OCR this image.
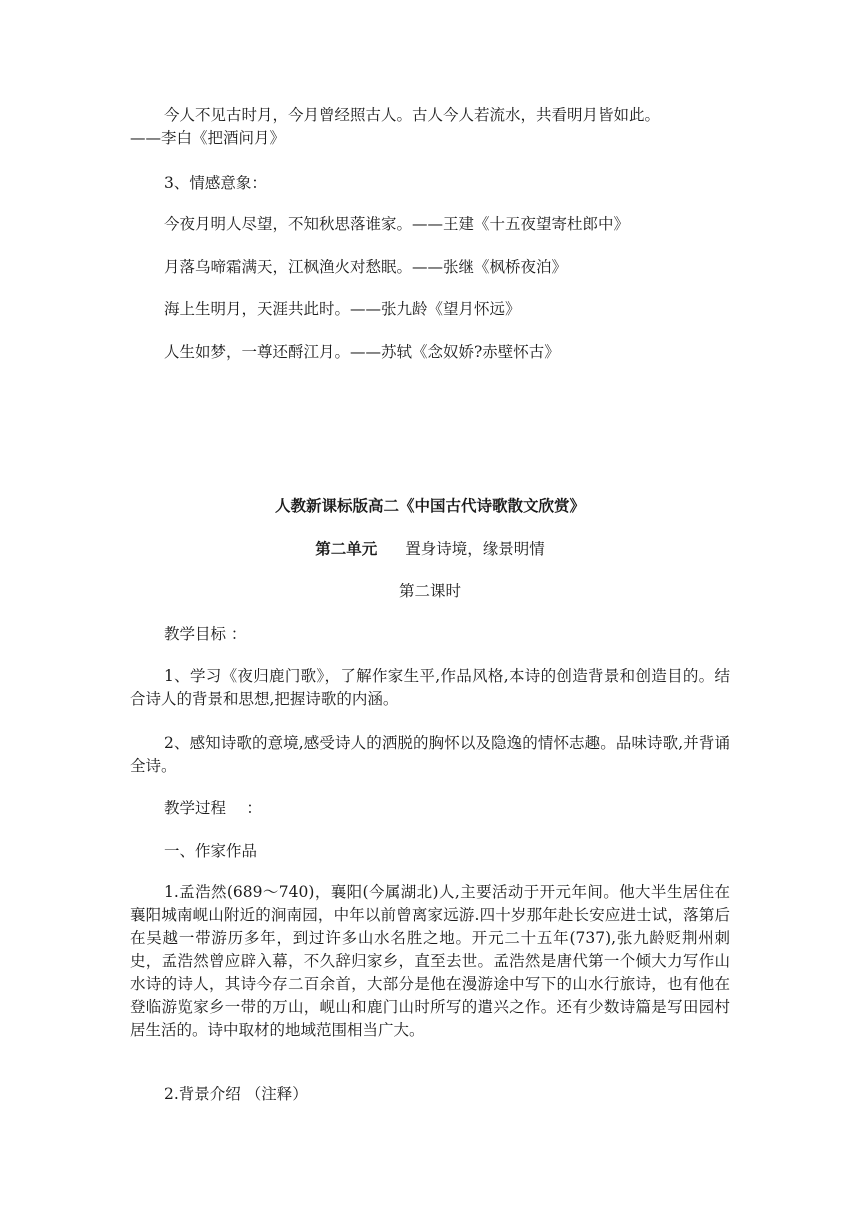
今人不见古时月，今月曾经照古人。古人今人若流水，共看明月皆如此。

——李白《把酒问月》

3、情感意象：

今夜月明人尽望，不知秋思落谁家。——王建《十五夜望寄杜郎中》

月落乌啼霜满天，江枫渔火对愁眠。——张继《枫桥夜泊》

海上生明月，天涯共此时。——张九龄《望月怀远》

人生如梦，一尊还酹江月。——苏轼《念奴娇?赤壁怀古》

人教新课标版高二《中国古代诗歌散文欣赏》

第二单元 置身诗境，缘景明情

第二课时

教学目标 ：

1、学习《夜归鹿门歌》，了解作家生平,作品风格,本诗的创造背景和创造目的。结合诗人的背景和思想,把握诗歌的内涵。

2、感知诗歌的意境,感受诗人的洒脱的胸怀以及隐逸的情怀志趣。品味诗歌,并背诵全诗。

教学过程　 ：

一、作家作品

1.孟浩然(689～740)，襄阳(今属湖北)人,主要活动于开元年间。他大半生居住在襄阳城南岘山附近的涧南园，中年以前曾离家远游.四十岁那年赴长安应进士试，落第后在吴越一带游历多年，到过许多山水名胜之地。开元二十五年(737),张九龄贬荆州刺史，孟浩然曾应辟入幕，不久辞归家乡，直至去世。孟浩然是唐代第一个倾大力写作山水诗的诗人，其诗今存二百余首，大部分是他在漫游途中写下的山水行旅诗，也有他在登临游览家乡一带的万山，岘山和鹿门山时所写的遣兴之作。还有少数诗篇是写田园村居生活的。诗中取材的地域范围相当广大。

2.背景介绍 （注释）
